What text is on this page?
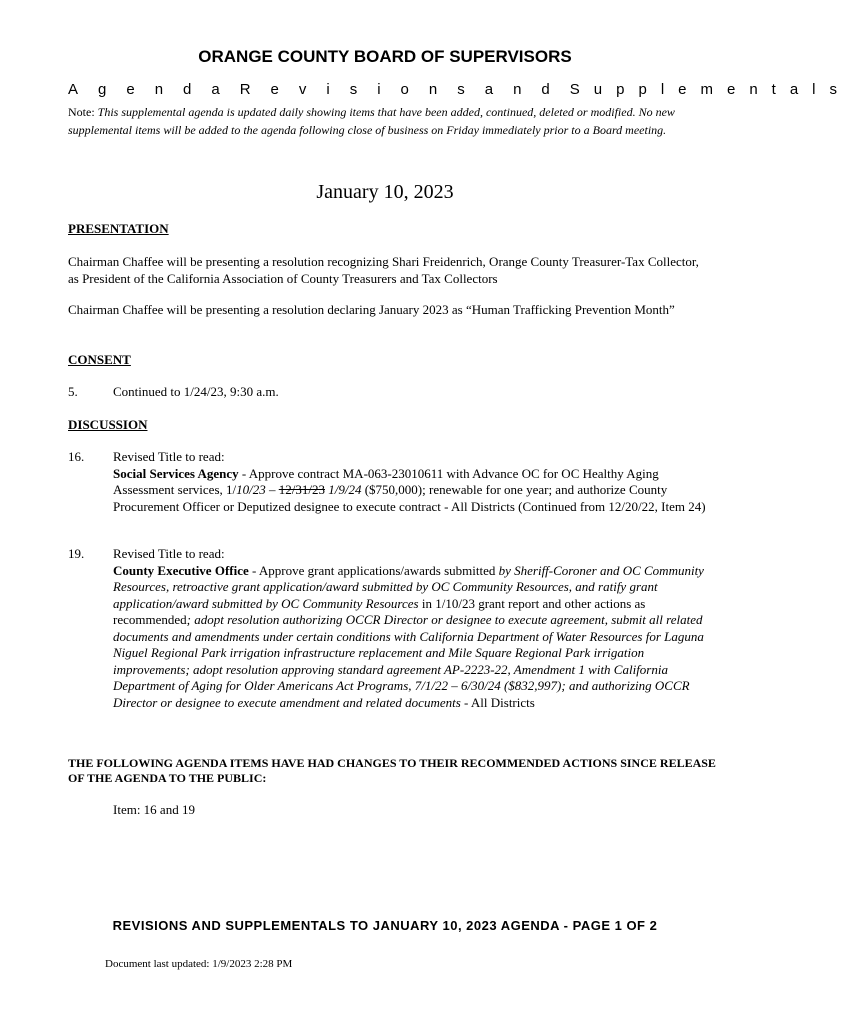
ORANGE COUNTY BOARD OF SUPERVISORS
Agenda Revisions and Supplementals
Note: This supplemental agenda is updated daily showing items that have been added, continued, deleted or modified. No new supplemental items will be added to the agenda following close of business on Friday immediately prior to a Board meeting.
January 10, 2023
PRESENTATION
Chairman Chaffee will be presenting a resolution recognizing Shari Freidenrich, Orange County Treasurer-Tax Collector, as President of the California Association of County Treasurers and Tax Collectors
Chairman Chaffee will be presenting a resolution declaring January 2023 as “Human Trafficking Prevention Month”
CONSENT
5.	Continued to 1/24/23, 9:30 a.m.
DISCUSSION
16. Revised Title to read:
Social Services Agency - Approve contract MA-063-23010611 with Advance OC for OC Healthy Aging Assessment services, 1/10/23 – 12/31/23 1/9/24 ($750,000); renewable for one year; and authorize County Procurement Officer or Deputized designee to execute contract - All Districts (Continued from 12/20/22, Item 24)
19. Revised Title to read:
County Executive Office - Approve grant applications/awards submitted by Sheriff-Coroner and OC Community Resources, retroactive grant application/award submitted by OC Community Resources, and ratify grant application/award submitted by OC Community Resources in 1/10/23 grant report and other actions as recommended; adopt resolution authorizing OCCR Director or designee to execute agreement, submit all related documents and amendments under certain conditions with California Department of Water Resources for Laguna Niguel Regional Park irrigation infrastructure replacement and Mile Square Regional Park irrigation improvements; adopt resolution approving standard agreement AP-2223-22, Amendment 1 with California Department of Aging for Older Americans Act Programs, 7/1/22 – 6/30/24 ($832,997); and authorizing OCCR Director or designee to execute amendment and related documents - All Districts
THE FOLLOWING AGENDA ITEMS HAVE HAD CHANGES TO THEIR RECOMMENDED ACTIONS SINCE RELEASE OF THE AGENDA TO THE PUBLIC:
Item: 16 and 19
REVISIONS AND SUPPLEMENTALS TO JANUARY 10, 2023 AGENDA - PAGE 1 OF 2
Document last updated: 1/9/2023 2:28 PM
